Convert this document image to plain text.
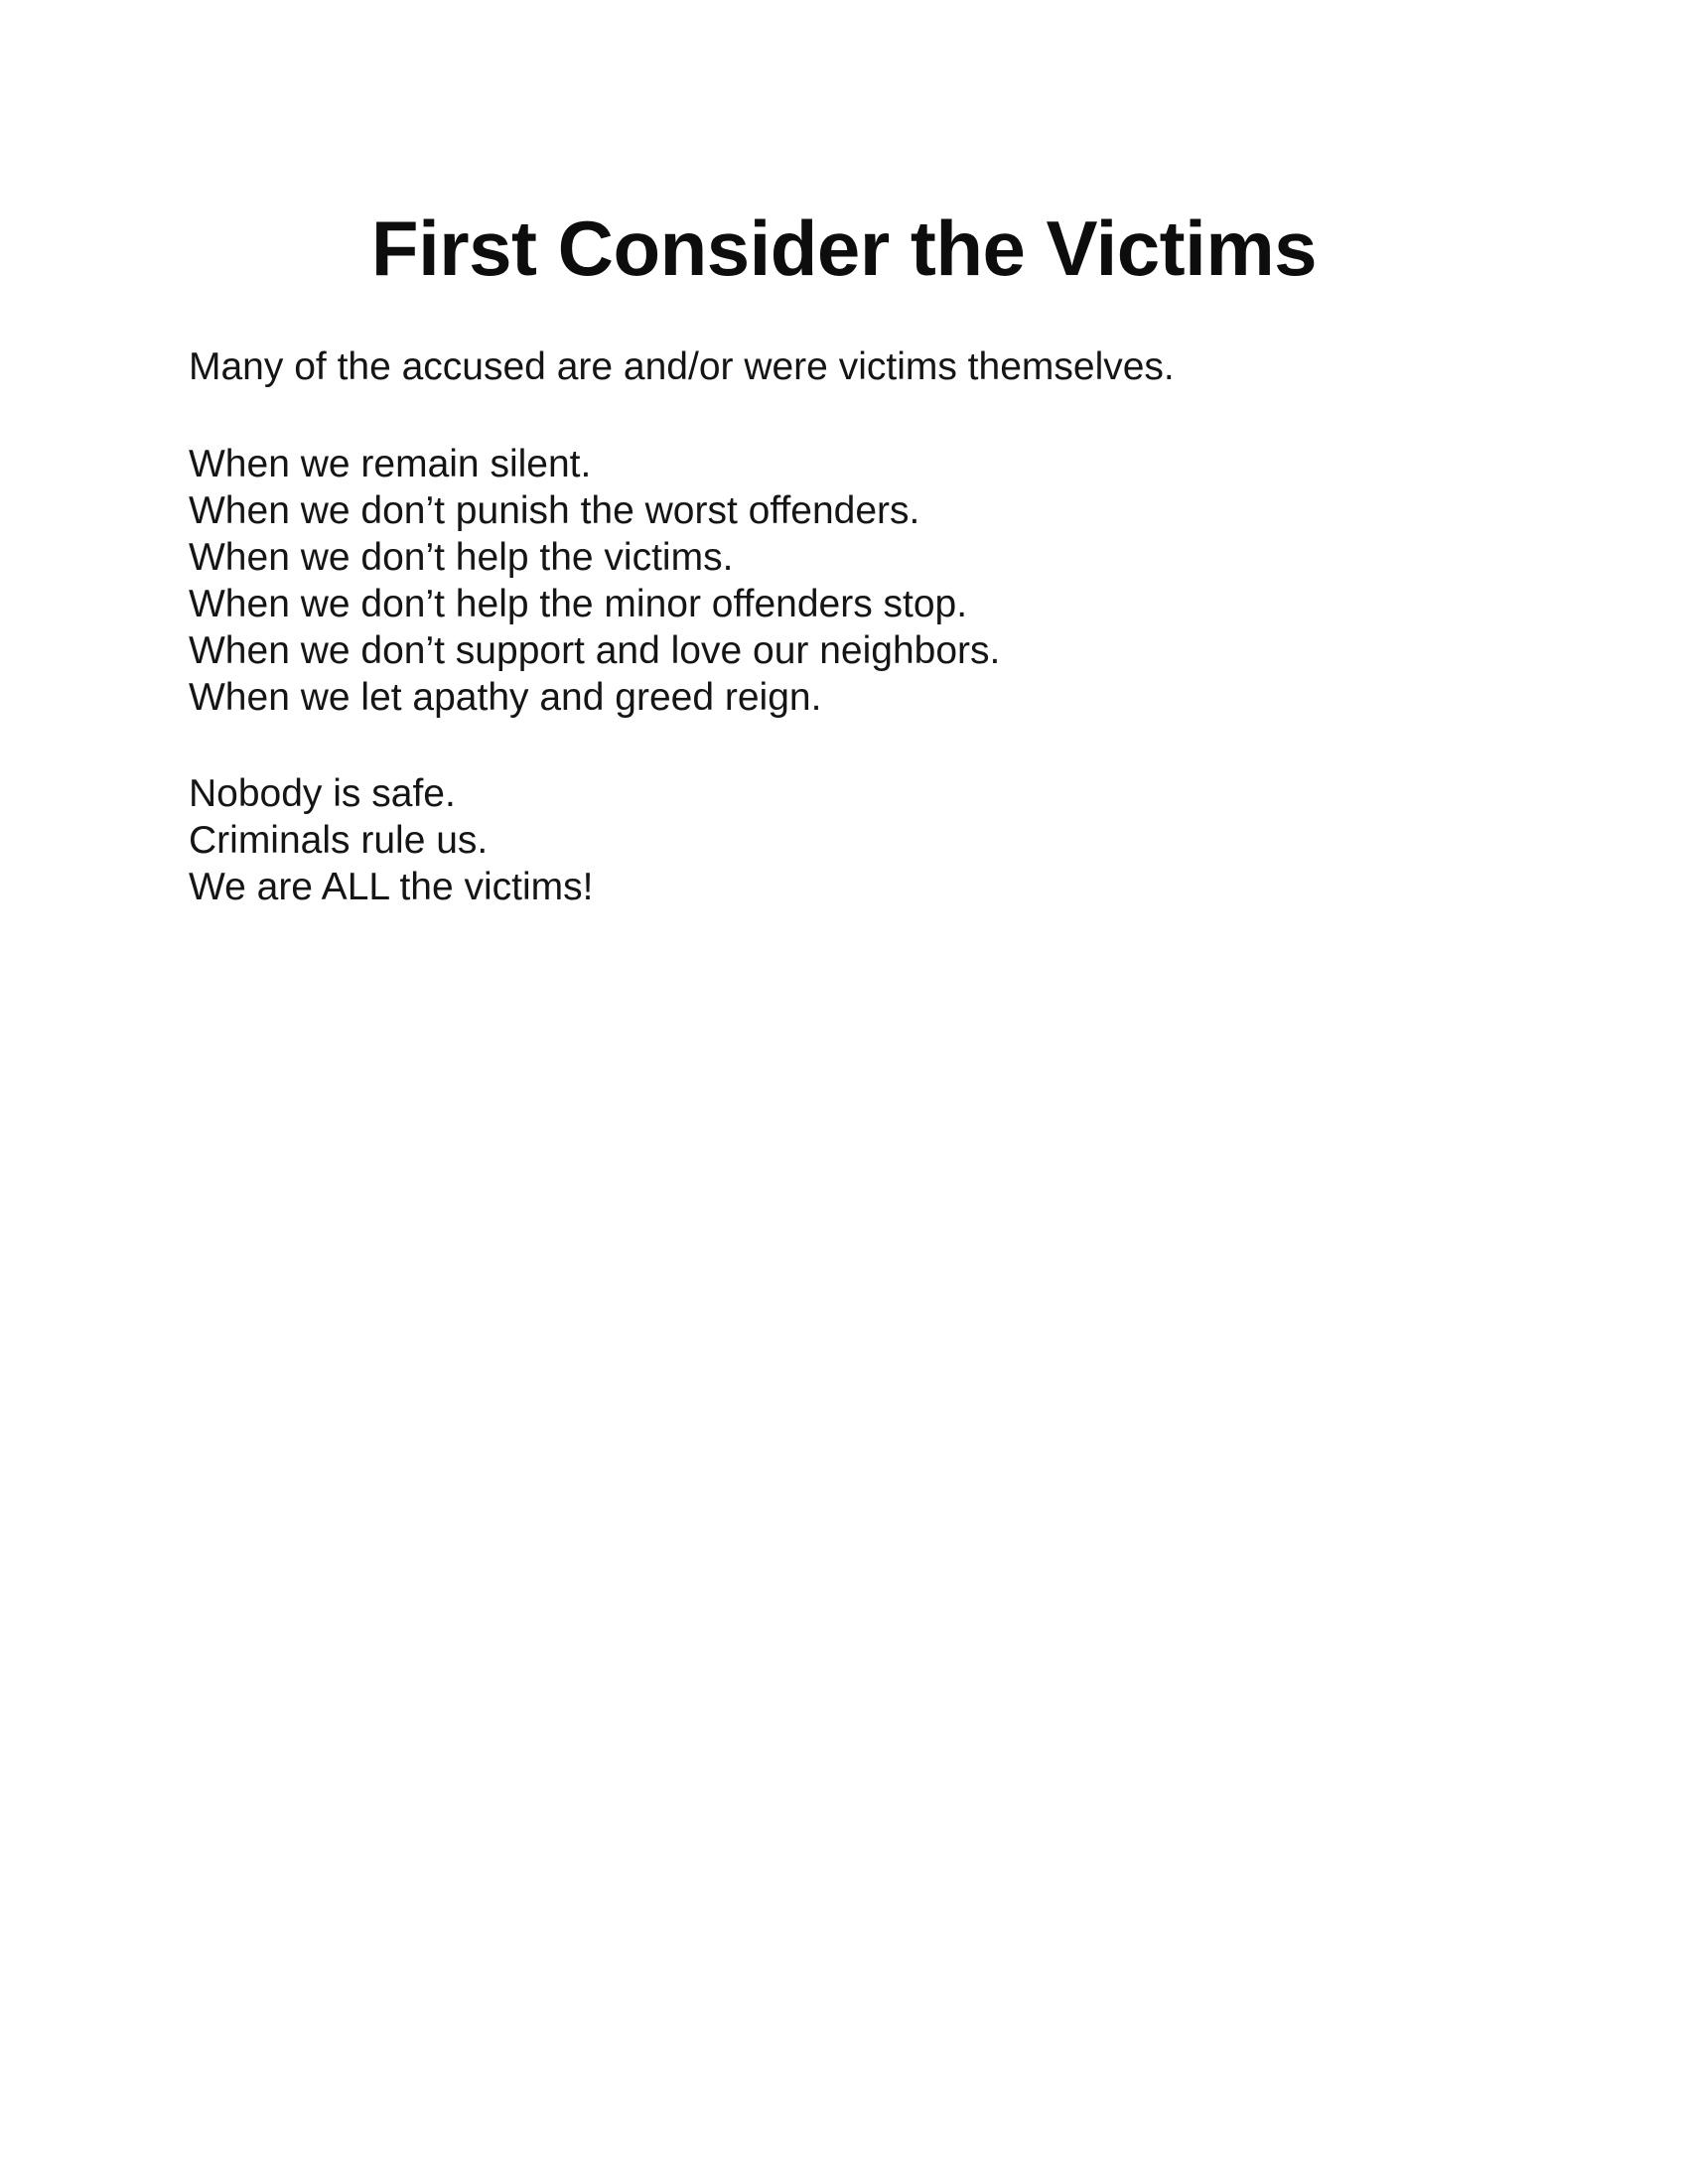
First Consider the Victims
Many of the accused are and/or were victims themselves.
When we remain silent.
When we don’t punish the worst offenders.
When we don’t help the victims.
When we don’t help the minor offenders stop.
When we don’t support and love our neighbors.
When we let apathy and greed reign.
Nobody is safe.
Criminals rule us.
We are ALL the victims!
